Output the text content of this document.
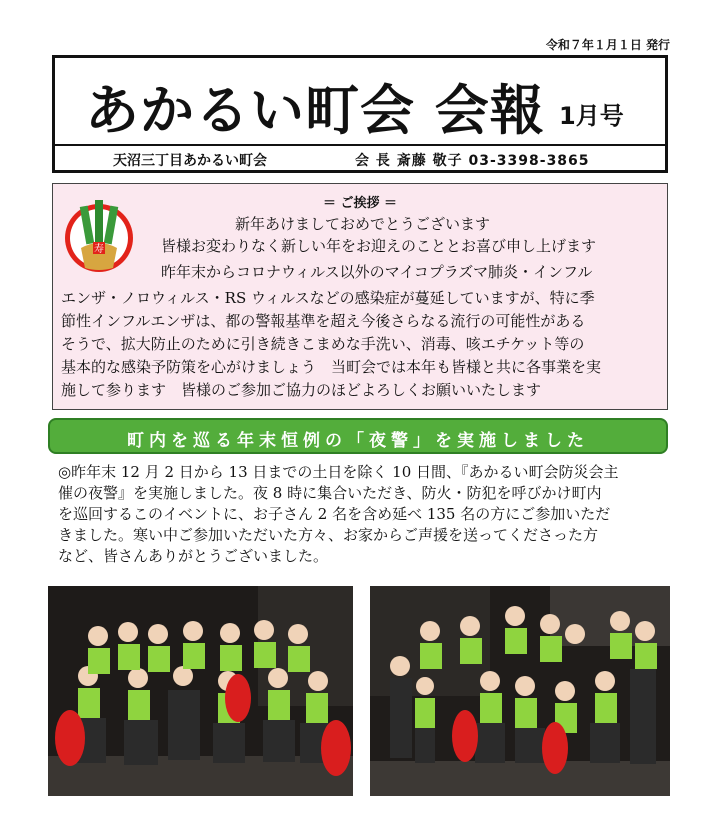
令和７年１月１日 発行
あかるい町会 会報 1月号
天沼三丁目あかるい町会	会 長 斎藤 敬子 03-3398-3865
＝ ご挨拶 ＝
寿
新年あけましておめでとうございます
皆様お変わりなく新しい年をお迎えのこととお喜び申し上げます
昨年末からコロナウィルス以外のマイコプラズマ肺炎・インフル
エンザ・ノロウィルス・RS ウィルスなどの感染症が蔓延していますが、特に季
節性インフルエンザは、都の警報基準を超え今後さらなる流行の可能性がある
そうで、拡大防止のために引き続きこまめな手洗い、消毒、咳エチケット等の
基本的な感染予防策を心がけましょう　当町会では本年も皆様と共に各事業を実
施して参ります　皆様のご参加ご協力のほどよろしくお願いいたします
町内を巡る年末恒例の「夜警」を実施しました
◎昨年末 12 月 2 日から 13 日までの土日を除く 10 日間、『あかるい町会防災会主
催の夜警』を実施しました。夜 8 時に集合いただき、防火・防犯を呼びかけ町内
を巡回するこのイベントに、お子さん 2 名を含め延べ 135 名の方にご参加いただ
きました。寒い中ご参加いただいた方々、お家からご声援を送ってくださった方
など、皆さんありがとうございました。
